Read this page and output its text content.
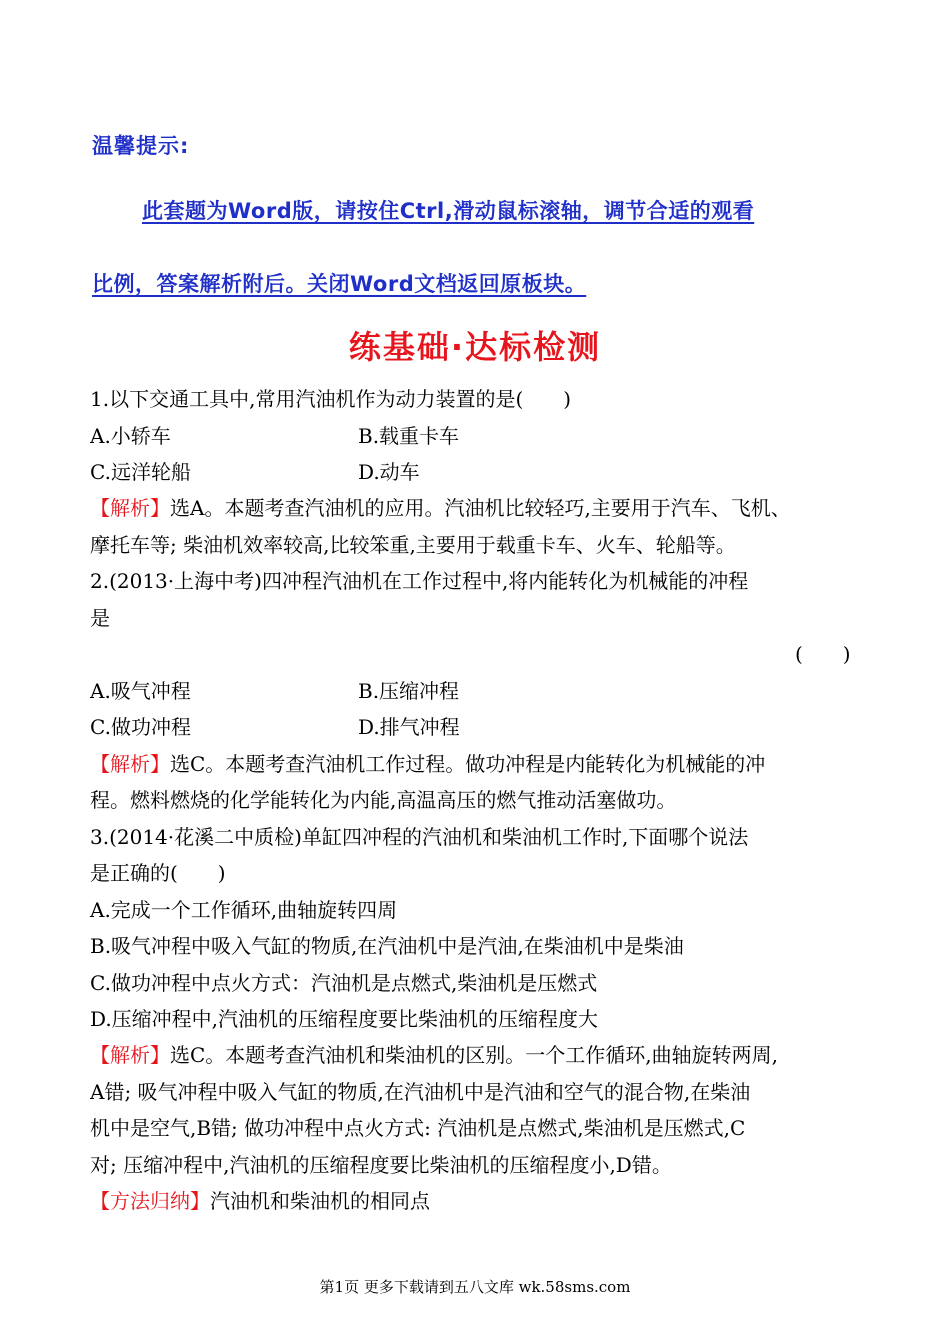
温馨提示:
此套题为Word版，请按住Ctrl,滑动鼠标滚轴，调节合适的观看
比例，答案解析附后。关闭Word文档返回原板块。
练基础·达标检测
1.以下交通工具中,常用汽油机作为动力装置的是(　　)
A.小轿车	B.载重卡车
C.远洋轮船	D.动车
【解析】选A。本题考查汽油机的应用。汽油机比较轻巧,主要用于汽车、飞机、
摩托车等; 柴油机效率较高,比较笨重,主要用于载重卡车、火车、轮船等。
2.(2013·上海中考)四冲程汽油机在工作过程中,将内能转化为机械能的冲程
是
(　　)
A.吸气冲程	B.压缩冲程
C.做功冲程	D.排气冲程
【解析】选C。本题考查汽油机工作过程。做功冲程是内能转化为机械能的冲
程。燃料燃烧的化学能转化为内能,高温高压的燃气推动活塞做功。
3.(2014·花溪二中质检)单缸四冲程的汽油机和柴油机工作时,下面哪个说法
是正确的(　　)
A.完成一个工作循环,曲轴旋转四周
B.吸气冲程中吸入气缸的物质,在汽油机中是汽油,在柴油机中是柴油
C.做功冲程中点火方式：汽油机是点燃式,柴油机是压燃式
D.压缩冲程中,汽油机的压缩程度要比柴油机的压缩程度大
【解析】选C。本题考查汽油机和柴油机的区别。一个工作循环,曲轴旋转两周,
A错; 吸气冲程中吸入气缸的物质,在汽油机中是汽油和空气的混合物,在柴油
机中是空气,B错; 做功冲程中点火方式: 汽油机是点燃式,柴油机是压燃式,C
对; 压缩冲程中,汽油机的压缩程度要比柴油机的压缩程度小,D错。
【方法归纳】汽油机和柴油机的相同点
第1页 更多下载请到五八文库 wk.58sms.com
